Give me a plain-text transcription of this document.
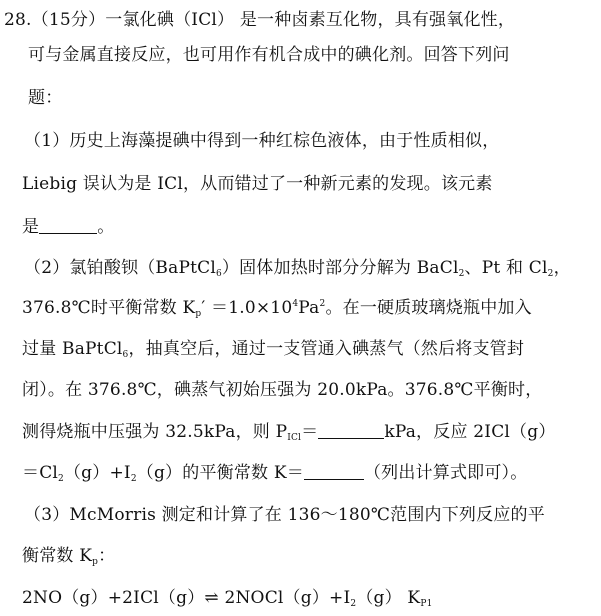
28.（15分）一氯化碘（ICl） 是一种卤素互化物，具有强氧化性，
可与金属直接反应，也可用作有机合成中的碘化剂。回答下列问
题：
（1）历史上海藻提碘中得到一种红棕色液体，由于性质相似，
Liebig 误认为是 ICl，从而错过了一种新元素的发现。该元素
是	。
（2）氯铂酸钡（BaPtCl$_6$）固体加热时部分分解为 BaCl$_2$、Pt 和 $Cl_2$，
376.8℃时平衡常数 $K_p' =1.0\times 10^4Pa^2$。在一硬质玻璃烧瓶中加入
过量 BaPtCl$_6$，抽真空后，通过一支管通入碘蒸气（然后将支管封
闭）。在 376.8℃，碘蒸气初始压强为 20.0kPa。376.8℃平衡时，
测得烧瓶中压强为 32.5kPa，则 $P_{ICl}=$	kPa，反应 2ICl（g）
$=Cl_2(g)+I_2(g)$的平衡常数 K＝	（列出计算式即可）。
（3）McMorris 测定和计算了在 136～180℃范围内下列反应的平
衡常数 $K_p$：
2NO（g）+2ICl（g）⇌ $2NOCl(g)+I_2(g)$ $K_{P1}$
